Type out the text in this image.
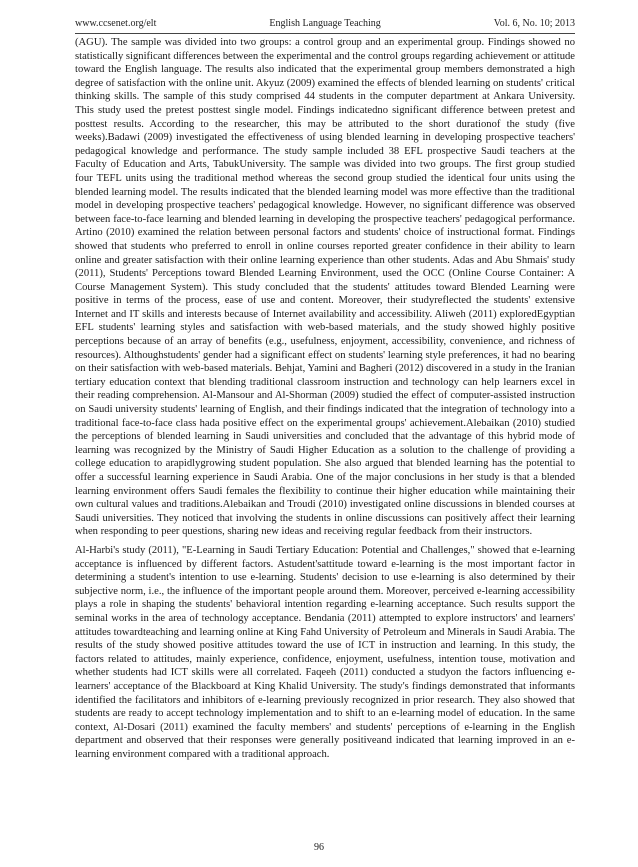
www.ccsenet.org/elt	English Language Teaching	Vol. 6, No. 10; 2013

(AGU). The sample was divided into two groups: a control group and an experimental group. Findings showed no statistically significant differences between the experimental and the control groups regarding achievement or attitude toward the English language. The results also indicated that the experimental group members demonstrated a high degree of satisfaction with the online unit. Akyuz (2009) examined the effects of blended learning on students' critical thinking skills. The sample of this study comprised 44 students in the computer department at Ankara University. This study used the pretest posttest single model. Findings indicatedno significant difference between pretest and posttest results. According to the researcher, this may be attributed to the short durationof the study (five weeks).Badawi (2009) investigated the effectiveness of using blended learning in developing prospective teachers' pedagogical knowledge and performance. The study sample included 38 EFL prospective Saudi teachers at the Faculty of Education and Arts, TabukUniversity. The sample was divided into two groups. The first group studied four TEFL units using the traditional method whereas the second group studied the identical four units using the blended learning model. The results indicated that the blended learning model was more effective than the traditional model in developing prospective teachers' pedagogical knowledge. However, no significant difference was observed between face-to-face learning and blended learning in developing the prospective teachers' pedagogical performance. Artino (2010) examined the relation between personal factors and students' choice of instructional format. Findings showed that students who preferred to enroll in online courses reported greater confidence in their ability to learn online and greater satisfaction with their online learning experience than other students. Adas and Abu Shmais' study (2011), Students' Perceptions toward Blended Learning Environment, used the OCC (Online Course Container: A Course Management System). This study concluded that the students' attitudes toward Blended Learning were positive in terms of the process, ease of use and content. Moreover, their studyreflected the students' extensive Internet and IT skills and interests because of Internet availability and accessibility. Aliweh (2011) exploredEgyptian EFL students' learning styles and satisfaction with web-based materials, and the study showed highly positive perceptions because of an array of benefits (e.g., usefulness, enjoyment, accessibility, convenience, and richness of resources). Althoughstudents' gender had a significant effect on students' learning style preferences, it had no bearing on their satisfaction with web-based materials. Behjat, Yamini and Bagheri (2012) discovered in a study in the Iranian tertiary education context that blending traditional classroom instruction and technology can help learners excel in their reading comprehension. Al-Mansour and Al-Shorman (2009) studied the effect of computer-assisted instruction on Saudi university students' learning of English, and their findings indicated that the integration of technology into a traditional face-to-face class hada positive effect on the experimental groups' achievement.Alebaikan (2010) studied the perceptions of blended learning in Saudi universities and concluded that the advantage of this hybrid mode of learning was recognized by the Ministry of Saudi Higher Education as a solution to the challenge of providing a college education to arapidlygrowing student population. She also argued that blended learning has the potential to offer a successful learning experience in Saudi Arabia. One of the major conclusions in her study is that a blended learning environment offers Saudi females the flexibility to continue their higher education while maintaining their own cultural values and traditions.Alebaikan and Troudi (2010) investigated online discussions in blended courses at Saudi universities. They noticed that involving the students in online discussions can positively affect their learning when responding to peer questions, sharing new ideas and receiving regular feedback from their instructors.

Al-Harbi's study (2011), "E-Learning in Saudi Tertiary Education: Potential and Challenges," showed that e-learning acceptance is influenced by different factors. Astudent'sattitude toward e-learning is the most important factor in determining a student's intention to use e-learning. Students' decision to use e-learning is also determined by their subjective norm, i.e., the influence of the important people around them. Moreover, perceived e-learning accessibility plays a role in shaping the students' behavioral intention regarding e-learning acceptance. Such results support the seminal works in the area of technology acceptance. Bendania (2011) attempted to explore instructors' and learners' attitudes towardteaching and learning online at King Fahd University of Petroleum and Minerals in Saudi Arabia. The results of the study showed positive attitudes toward the use of ICT in instruction and learning. In this study, the factors related to attitudes, mainly experience, confidence, enjoyment, usefulness, intention touse, motivation and whether students had ICT skills were all correlated. Faqeeh (2011) conducted a studyon the factors influencing e-learners' acceptance of the Blackboard at King Khalid University. The study's findings demonstrated that informants identified the facilitators and inhibitors of e-learning previously recognized in prior research. They also showed that students are ready to accept technology implementation and to shift to an e-learning model of education. In the same context, Al-Dosari (2011) examined the faculty members' and students' perceptions of e-learning in the English department and observed that their responses were generally positiveand indicated that learning improved in an e-learning environment compared with a traditional approach.

96
